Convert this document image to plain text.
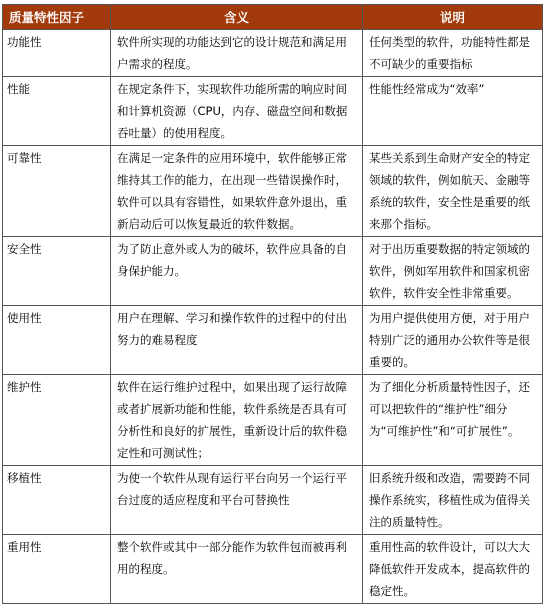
质量特性因子	含义	说明
功能性	软件所实现的功能达到它的设计规范和满足用户需求的程度。	任何类型的软件，功能特性都是不可缺少的重要指标
性能	在规定条件下，实现软件功能所需的响应时间和计算机资源（CPU，内存、磁盘空间和数据吞吐量）的使用程度。	性能性经常成为“效率”
可靠性	在满足一定条件的应用环境中，软件能够正常维持其工作的能力，在出现一些错误操作时，软件可以具有容错性，如果软件意外退出，重新启动后可以恢复最近的软件数据。	某些关系到生命财产安全的特定领域的软件，例如航天、金融等系统的软件，安全性是重要的纸来那个指标。
安全性	为了防止意外或人为的破坏，软件应具备的自身保护能力。	对于出历重要数据的特定领域的软件，例如军用软件和国家机密软件，软件安全性非常重要。
使用性	用户在理解、学习和操作软件的过程中的付出努力的难易程度	为用户提供使用方便，对于用户特别广泛的通用办公软件等是很重要的。
维护性	软件在运行维护过程中，如果出现了运行故障或者扩展新功能和性能，软件系统是否具有可分析性和良好的扩展性，重新设计后的软件稳定性和可测试性；	为了细化分析质量特性因子，还可以把软件的“维护性”细分为“可维护性”和“可扩展性”。
移植性	为使一个软件从现有运行平台向另一个运行平台过度的适应程度和平台可替换性	旧系统升级和改造，需要跨不同操作系统实，移植性成为值得关注的质量特性。
重用性	整个软件或其中一部分能作为软件包而被再利用的程度。	重用性高的软件设计，可以大大降低软件开发成本，提高软件的稳定性。
